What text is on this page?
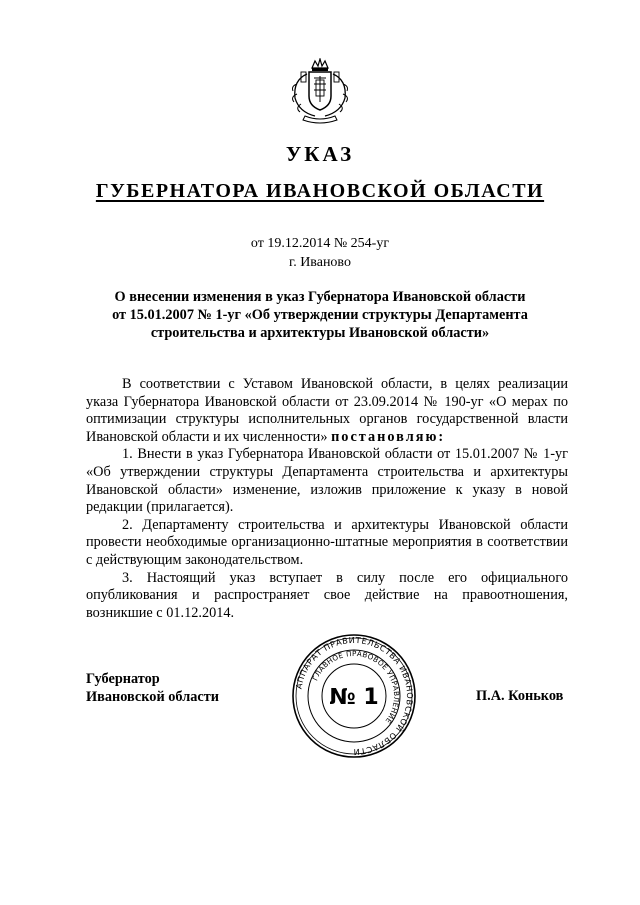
УКАЗ
ГУБЕРНАТОРА ИВАНОВСКОЙ ОБЛАСТИ
от 19.12.2014 № 254-уг
г. Иваново
О внесении изменения в указ Губернатора Ивановской области
от 15.01.2007 № 1-уг «Об утверждении структуры Департамента
строительства и архитектуры Ивановской области»

В соответствии с Уставом Ивановской области, в целях реализации указа Губернатора Ивановской области от 23.09.2014 № 190-уг «О мерах по оптимизации структуры исполнительных органов государственной власти Ивановской области и их численности» постановляю:

1. Внести в указ Губернатора Ивановской области от 15.01.2007 № 1-уг «Об утверждении структуры Департамента строительства и архитектуры Ивановской области» изменение, изложив приложение к указу в новой редакции (прилагается).

2. Департаменту строительства и архитектуры Ивановской области провести необходимые организационно-штатные мероприятия в соответствии с действующим законодательством.

3. Настоящий указ вступает в силу после его официального опубликования и распространяет свое действие на правоотношения, возникшие с 01.12.2014.

Губернатор
Ивановской области
АППАРАТ ПРАВИТЕЛЬСТВА ИВАНОВСКОЙ ОБЛАСТИ
ГЛАВНОЕ ПРАВОВОЕ УПРАВЛЕНИЕ
№ 1	П.А. Коньков
